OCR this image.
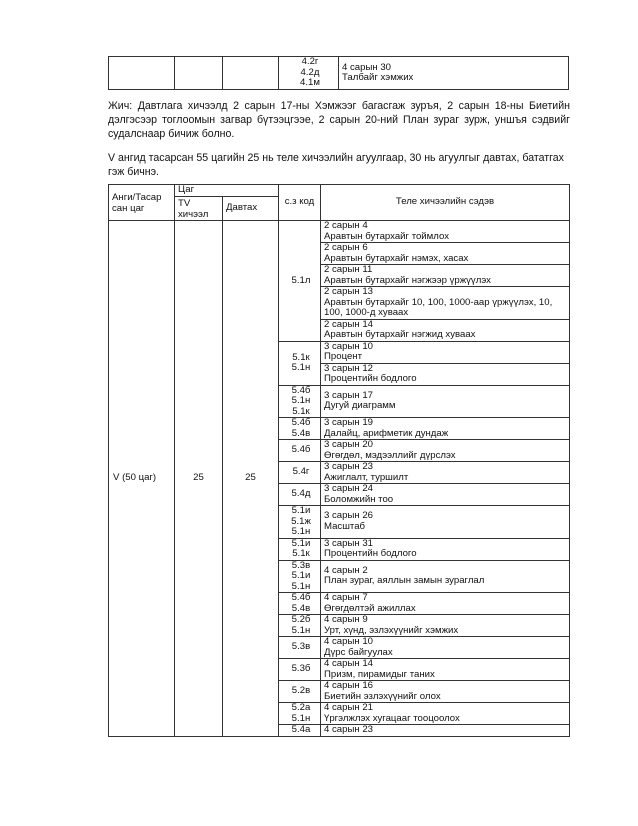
			4.2г
4.2д
4.1м	4 сарын 30
Талбайг хэмжих

Жич: Давтлага хичээлд 2 сарын 17-ны Хэмжээг багасгаж зуръя, 2 сарын 18-ны Биетийн
дэлгэсээр тоглоомын загвар бүтээцгээе, 2 сарын 20-ний План зураг зурж, уншъя сэдвийг
судалснаар бичиж болно.

V ангид тасарсан 55 цагийн 25 нь теле хичээлийн агуулгаар, 30 нь агуулгыг давтах, бататгах
гэж бичнэ.

Анги/Тасар
сан цаг	Цаг		с.з код	Теле хичээлийн сэдэв
	TV
хичээл	Давтах		
V (50 цаг)	25	25	5.1л	2 сарын 4
Аравтын бутархайг тоймлох
				2 сарын 6
Аравтын бутархайг нэмэх, хасах
				2 сарын 11
Аравтын бутархайг нэгжээр үржүүлэх
				2 сарын 13
Аравтын бутархайг 10, 100, 1000-аар үржүүлэх, 10,
100, 1000-д хуваах
				2 сарын 14
Аравтын бутархайг нэгжид хуваах
			5.1к
5.1н	3 сарын 10
Процент
				3 сарын 12
Процентийн бодлого
			5.4б
5.1н
5.1к	3 сарын 17
Дугуй диаграмм
			5.4б
5.4в	3 сарын 19
Далайц, арифметик дундаж
			5.4б	3 сарын 20
Өгөгдөл, мэдээллийг дүрслэх
			5.4г	3 сарын 23
Ажиглалт, туршилт
			5.4д	3 сарын 24
Боломжийн тоо
			5.1и
5.1ж
5.1н	3 сарын 26
Масштаб
			5.1и
5.1к	3 сарын 31
Процентийн бодлого
			5.3в
5.1и
5.1н	4 сарын 2
План зураг, аяллын замын зураглал
			5.4б
5.4в	4 сарын 7
Өгөгдөлтэй ажиллах
			5.2б
5.1н	4 сарын 9
Урт, хүнд, эзлэхүүнийг хэмжих
			5.3в	4 сарын 10
Дүрс байгуулах
			5.3б	4 сарын 14
Призм, пирамидыг таних
			5.2в	4 сарын 16
Биетийн эзлэхүүнийг олох
			5.2а
5.1н	4 сарын 21
Үргэлжлэх хугацааг тооцоолох
			5.4а	4 сарын 23
